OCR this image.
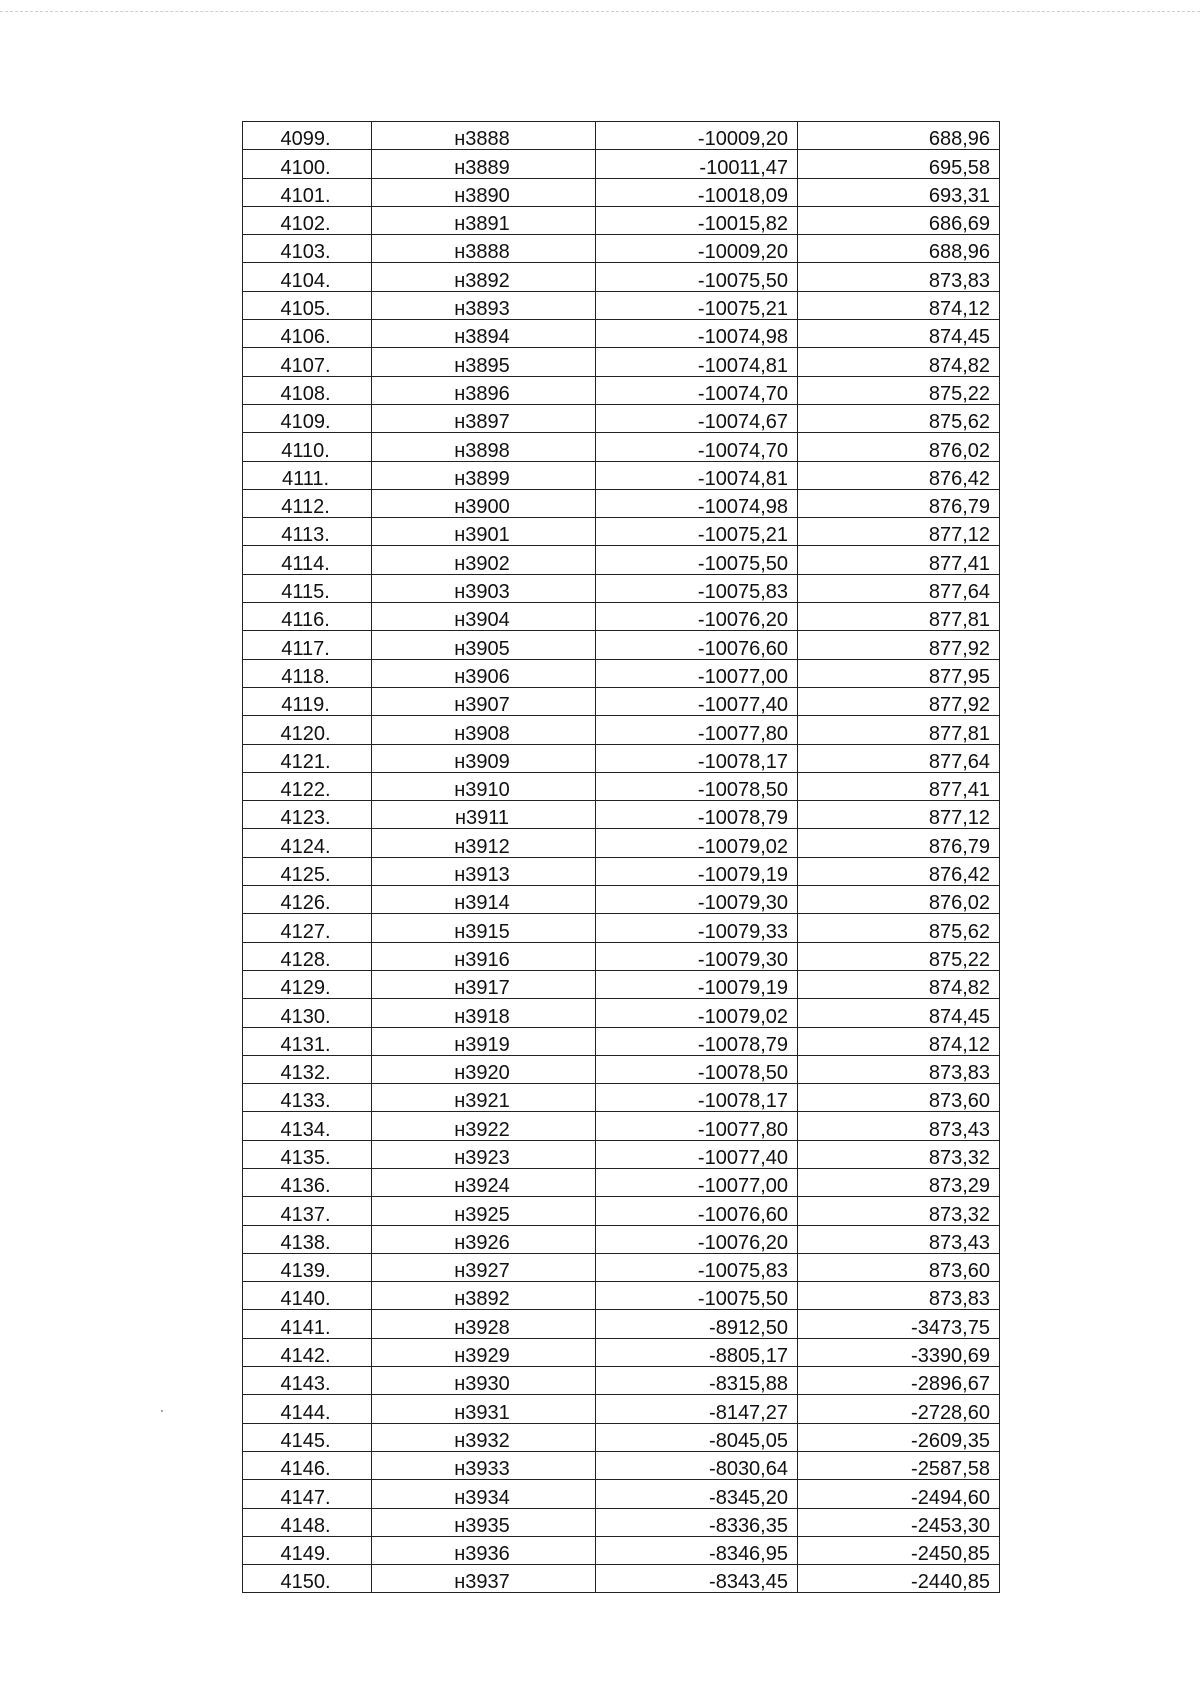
4099.	н3888	-10009,20	688,96
4100.	н3889	-10011,47	695,58
4101.	н3890	-10018,09	693,31
4102.	н3891	-10015,82	686,69
4103.	н3888	-10009,20	688,96
4104.	н3892	-10075,50	873,83
4105.	н3893	-10075,21	874,12
4106.	н3894	-10074,98	874,45
4107.	н3895	-10074,81	874,82
4108.	н3896	-10074,70	875,22
4109.	н3897	-10074,67	875,62
4110.	н3898	-10074,70	876,02
4111.	н3899	-10074,81	876,42
4112.	н3900	-10074,98	876,79
4113.	н3901	-10075,21	877,12
4114.	н3902	-10075,50	877,41
4115.	н3903	-10075,83	877,64
4116.	н3904	-10076,20	877,81
4117.	н3905	-10076,60	877,92
4118.	н3906	-10077,00	877,95
4119.	н3907	-10077,40	877,92
4120.	н3908	-10077,80	877,81
4121.	н3909	-10078,17	877,64
4122.	н3910	-10078,50	877,41
4123.	н3911	-10078,79	877,12
4124.	н3912	-10079,02	876,79
4125.	н3913	-10079,19	876,42
4126.	н3914	-10079,30	876,02
4127.	н3915	-10079,33	875,62
4128.	н3916	-10079,30	875,22
4129.	н3917	-10079,19	874,82
4130.	н3918	-10079,02	874,45
4131.	н3919	-10078,79	874,12
4132.	н3920	-10078,50	873,83
4133.	н3921	-10078,17	873,60
4134.	н3922	-10077,80	873,43
4135.	н3923	-10077,40	873,32
4136.	н3924	-10077,00	873,29
4137.	н3925	-10076,60	873,32
4138.	н3926	-10076,20	873,43
4139.	н3927	-10075,83	873,60
4140.	н3892	-10075,50	873,83
4141.	н3928	-8912,50	-3473,75
4142.	н3929	-8805,17	-3390,69
4143.	н3930	-8315,88	-2896,67
4144.	н3931	-8147,27	-2728,60
4145.	н3932	-8045,05	-2609,35
4146.	н3933	-8030,64	-2587,58
4147.	н3934	-8345,20	-2494,60
4148.	н3935	-8336,35	-2453,30
4149.	н3936	-8346,95	-2450,85
4150.	н3937	-8343,45	-2440,85
